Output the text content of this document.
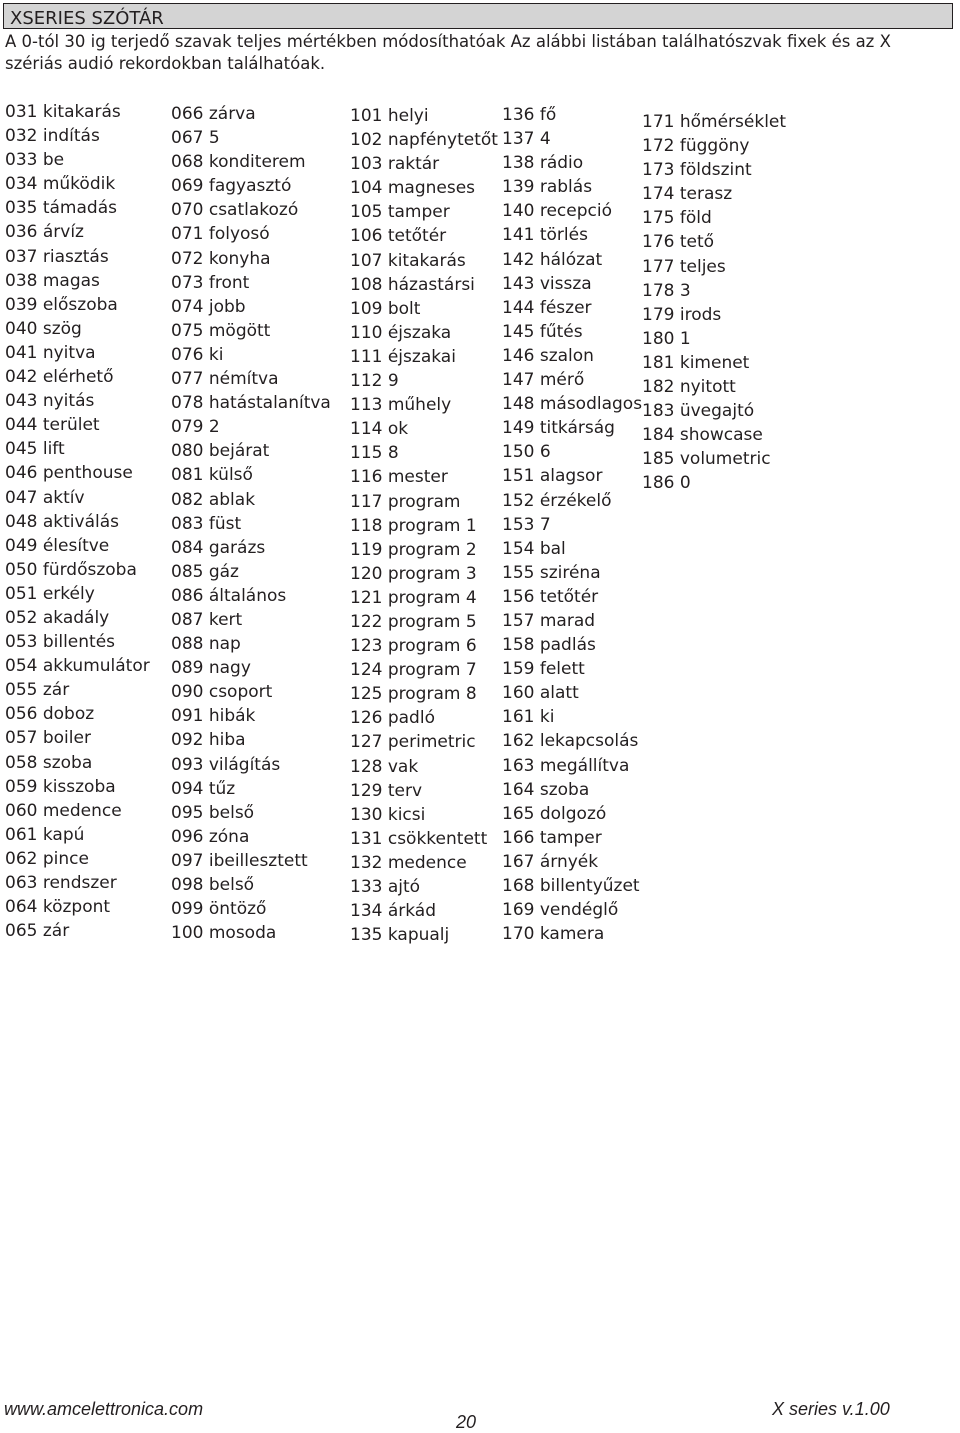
XSERIES SZÓTÁR
A 0-tól 30 ig terjedő szavak teljes mértékben módosíthatóak Az alábbi listában találhatószvak fixek és az X szériás audió rekordokban találhatóak.
031 kitakarás
032 indítás
033 be
034 működik
035 támadás
036 árvíz
037 riasztás
038 magas
039 előszoba
040 szög
041 nyitva
042 elérhető
043 nyitás
044 terület
045 lift
046 penthouse
047 aktív
048 aktiválás
049 élesítve
050 fürdőszoba
051 erkély
052 akadály
053 billentés
054 akkumulátor
055 zár
056 doboz
057 boiler
058 szoba
059 kisszoba
060 medence
061 kapú
062 pince
063 rendszer
064 központ
065 zár
066 zárva
067 5
068 konditerem
069 fagyasztó
070 csatlakozó
071 folyosó
072 konyha
073 front
074 jobb
075 mögött
076 ki
077 némítva
078 hatástalanítva
079 2
080 bejárat
081 külső
082 ablak
083 füst
084 garázs
085 gáz
086 általános
087 kert
088 nap
089 nagy
090 csoport
091 hibák
092 hiba
093 világítás
094 tűz
095 belső
096 zóna
097 ibeillesztett
098 belső
099 öntöző
100 mosoda
101 helyi
102 napfénytetőt
103 raktár
104 magneses
105 tamper
106 tetőtér
107 kitakarás
108 házastársi
109 bolt
110 éjszaka
111 éjszakai
112 9
113 műhely
114 ok
115 8
116 mester
117 program
118 program 1
119 program 2
120 program 3
121 program 4
122 program 5
123 program 6
124 program 7
125 program 8
126 padló
127 perimetric
128 vak
129 terv
130 kicsi
131 csökkentett
132 medence
133 ajtó
134 árkád
135 kapualj
136 fő
137 4
138 rádio
139 rablás
140 recepció
141 törlés
142 hálózat
143 vissza
144 fészer
145 fűtés
146 szalon
147 mérő
148 másodlagos
149 titkárság
150 6
151 alagsor
152 érzékelő
153 7
154 bal
155 sziréna
156 tetőtér
157 marad
158 padlás
159 felett
160 alatt
161 ki
162 lekapcsolás
163 megállítva
164 szoba
165 dolgozó
166 tamper
167 árnyék
168 billentyűzet
169 vendéglő
170 kamera
171 hőmérséklet
172 függöny
173 földszint
174 terasz
175 föld
176 tető
177 teljes
178 3
179 irods
180 1
181 kimenet
182 nyitott
183 üvegajtó
184 showcase
185 volumetric
186 0
www.amcelettronica.com
20
X series v.1.00
